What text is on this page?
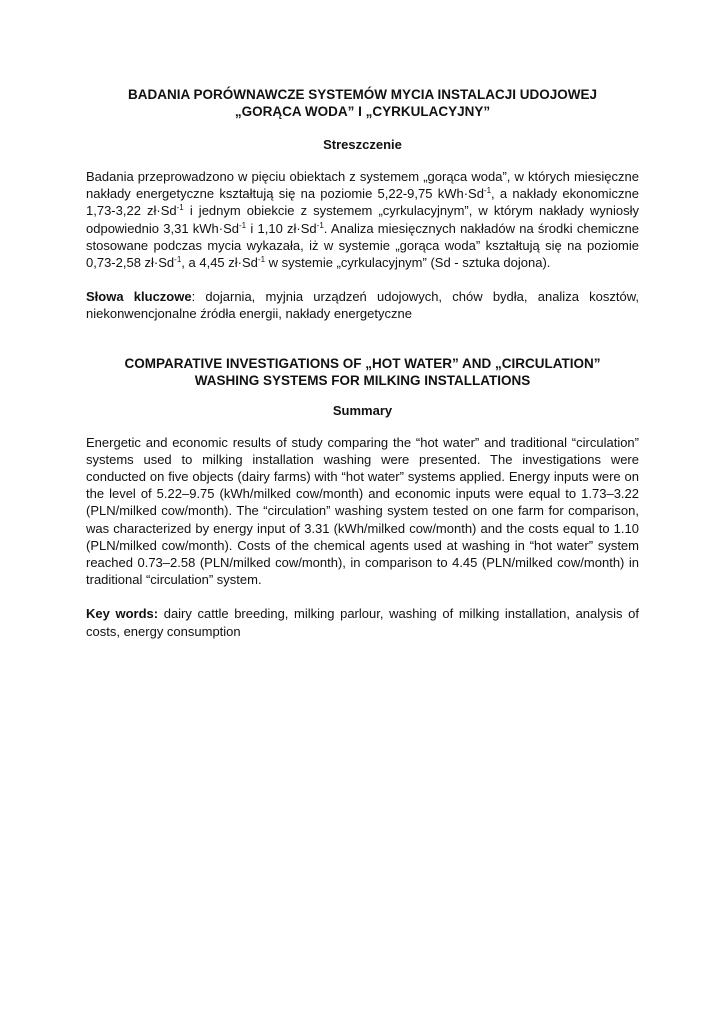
BADANIA PORÓWNAWCZE SYSTEMÓW MYCIA INSTALACJI UDOJOWEJ
„GORĄCA WODA” I „CYRKULACYJNY”
Streszczenie

Badania przeprowadzono w pięciu obiektach z systemem „gorąca woda”, w których miesięczne nakłady energetyczne kształtują się na poziomie 5,22-9,75 $kWh\cdot Sd^{-1}$, a nakłady ekonomiczne 1,73-3,22 $zł\cdot Sd^{-1}$ i jednym obiekcie z systemem „cyrkulacyjnym”, w którym nakłady wyniosły odpowiednio 3,31 $kWh\cdot Sd^{-1}$ i 1,10 $zł\cdot Sd^{-1}$. Analiza miesięcznych nakładów na środki chemiczne stosowane podczas mycia wykazała, iż w systemie „gorąca woda” kształtują się na poziomie 0,73-2,58 $zł\cdot Sd^{-1}$, a 4,45 $zł\cdot Sd^{-1}$ w systemie „cyrkulacyjnym” (Sd - sztuka dojona).

Słowa kluczowe: dojarnia, myjnia urządzeń udojowych, chów bydła, analiza kosztów, niekonwencjonalne źródła energii, nakłady energetyczne

COMPARATIVE INVESTIGATIONS OF „HOT WATER” AND „CIRCULATION”
WASHING SYSTEMS FOR MILKING INSTALLATIONS
Summary

Energetic and economic results of study comparing the “hot water” and traditional “circulation” systems used to milking installation washing were presented. The investigations were conducted on five objects (dairy farms) with “hot water” systems applied. Energy inputs were on the level of 5.22–9.75 (kWh/milked cow/month) and economic inputs were equal to 1.73–3.22 (PLN/milked cow/month). The “circulation” washing system tested on one farm for comparison, was characterized by energy input of 3.31 (kWh/milked cow/month) and the costs equal to 1.10 (PLN/milked cow/month). Costs of the chemical agents used at washing in “hot water” system reached 0.73–2.58 (PLN/milked cow/month), in comparison to 4.45 (PLN/milked cow/month) in traditional “circulation” system.

Key words: dairy cattle breeding, milking parlour, washing of milking installation, analysis of costs, energy consumption
